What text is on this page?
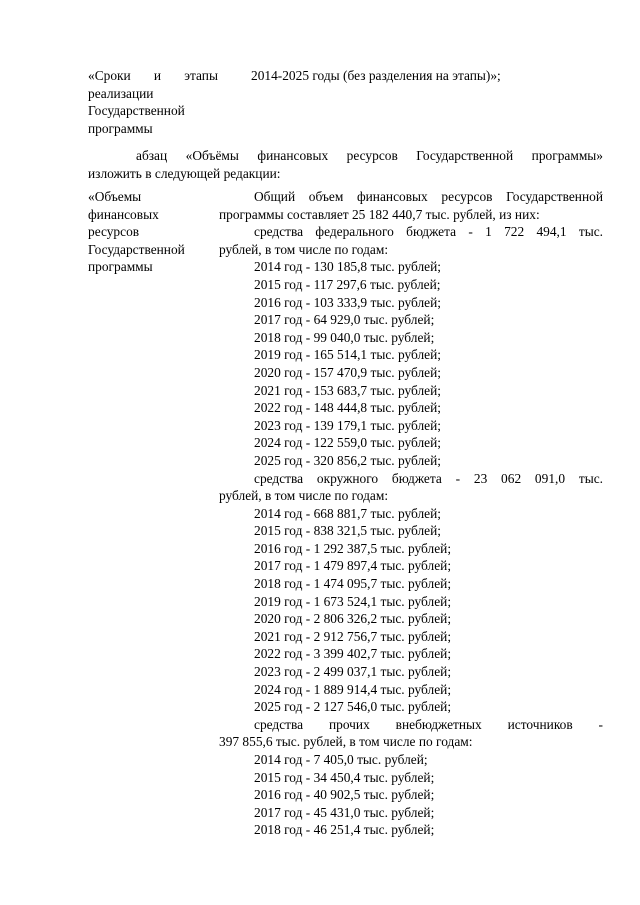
«Сроки и этапы
реализации
Государственной
программы
2014-2025 годы (без разделения на этапы)»;
абзац «Объёмы финансовых ресурсов Государственной программы»
изложить в следующей редакции:
«Объемы
финансовых
ресурсов
Государственной
программы
Общий объем финансовых ресурсов Государственной
программы составляет 25 182 440,7 тыс. рублей, из них:
средства федерального бюджета - 1 722 494,1 тыс.
рублей, в том числе по годам:
2014 год - 130 185,8 тыс. рублей;
2015 год - 117 297,6 тыс. рублей;
2016 год - 103 333,9 тыс. рублей;
2017 год - 64 929,0 тыс. рублей;
2018 год - 99 040,0 тыс. рублей;
2019 год - 165 514,1 тыс. рублей;
2020 год - 157 470,9 тыс. рублей;
2021 год - 153 683,7 тыс. рублей;
2022 год - 148 444,8 тыс. рублей;
2023 год - 139 179,1 тыс. рублей;
2024 год - 122 559,0 тыс. рублей;
2025 год - 320 856,2 тыс. рублей;
средства окружного бюджета - 23 062 091,0 тыс.
рублей, в том числе по годам:
2014 год - 668 881,7 тыс. рублей;
2015 год - 838 321,5 тыс. рублей;
2016 год - 1 292 387,5 тыс. рублей;
2017 год - 1 479 897,4 тыс. рублей;
2018 год - 1 474 095,7 тыс. рублей;
2019 год - 1 673 524,1 тыс. рублей;
2020 год - 2 806 326,2 тыс. рублей;
2021 год - 2 912 756,7 тыс. рублей;
2022 год - 3 399 402,7 тыс. рублей;
2023 год - 2 499 037,1 тыс. рублей;
2024 год - 1 889 914,4 тыс. рублей;
2025 год - 2 127 546,0 тыс. рублей;
средства прочих внебюджетных источников -
397 855,6 тыс. рублей, в том числе по годам:
2014 год - 7 405,0 тыс. рублей;
2015 год - 34 450,4 тыс. рублей;
2016 год - 40 902,5 тыс. рублей;
2017 год - 45 431,0 тыс. рублей;
2018 год - 46 251,4 тыс. рублей;
